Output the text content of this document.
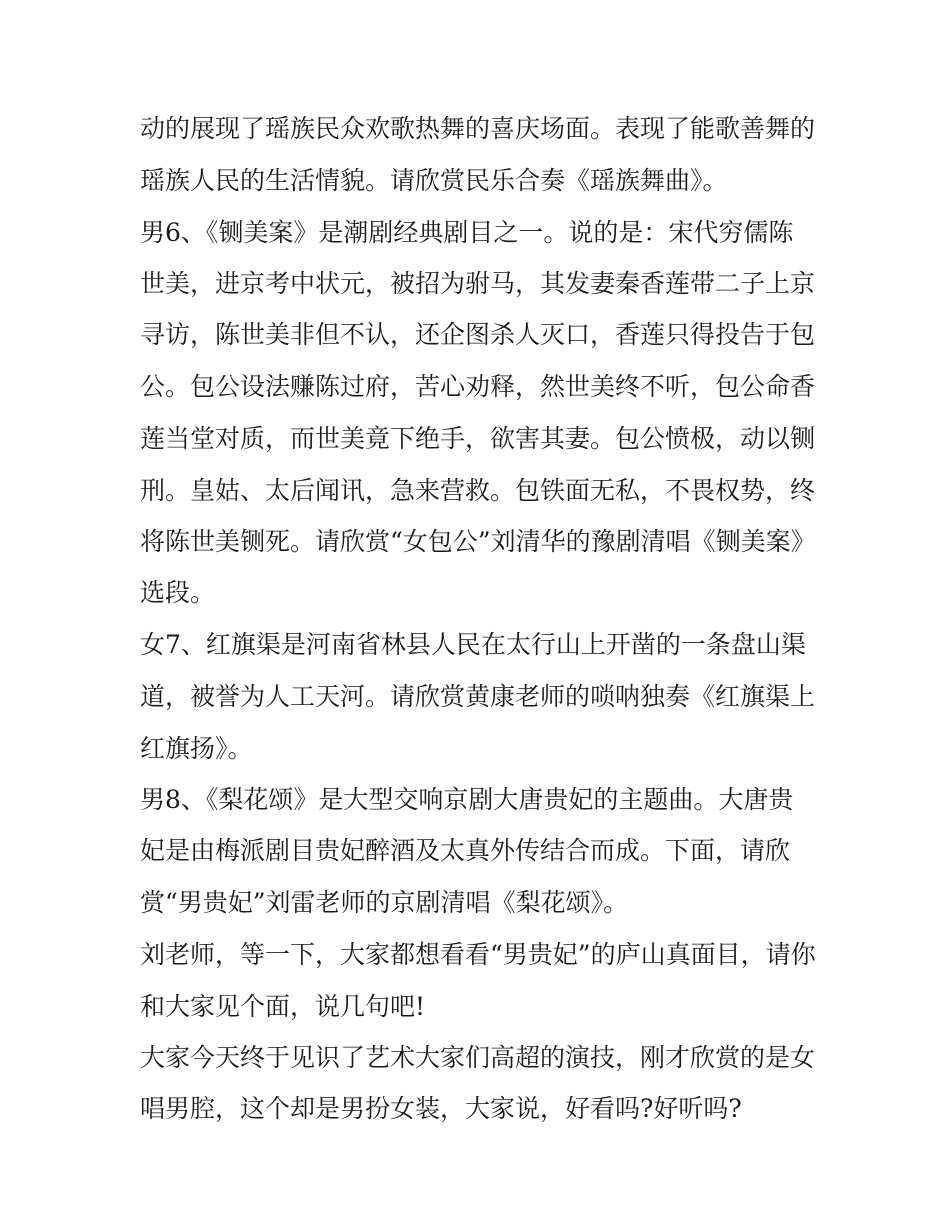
动的展现了瑶族民众欢歌热舞的喜庆场面。表现了能歌善舞的
瑶族人民的生活情貌。请欣赏民乐合奏《瑶族舞曲》。
男6、《铡美案》是潮剧经典剧目之一。说的是：宋代穷儒陈
世美，进京考中状元，被招为驸马，其发妻秦香莲带二子上京
寻访，陈世美非但不认，还企图杀人灭口，香莲只得投告于包
公。包公设法赚陈过府，苦心劝释，然世美终不听，包公命香
莲当堂对质，而世美竟下绝手，欲害其妻。包公愤极，动以铡
刑。皇姑、太后闻讯，急来营救。包铁面无私，不畏权势，终
将陈世美铡死。请欣赏“女包公”刘清华的豫剧清唱《铡美案》
选段。
女7、红旗渠是河南省林县人民在太行山上开凿的一条盘山渠
道，被誉为人工天河。请欣赏黄康老师的唢呐独奏《红旗渠上
红旗扬》。
男8、《梨花颂》是大型交响京剧大唐贵妃的主题曲。大唐贵
妃是由梅派剧目贵妃醉酒及太真外传结合而成。下面，请欣
赏“男贵妃”刘雷老师的京剧清唱《梨花颂》。
刘老师，等一下，大家都想看看“男贵妃”的庐山真面目，请你
和大家见个面，说几句吧!
大家今天终于见识了艺术大家们高超的演技，刚才欣赏的是女
唱男腔，这个却是男扮女装，大家说，好看吗?好听吗?
